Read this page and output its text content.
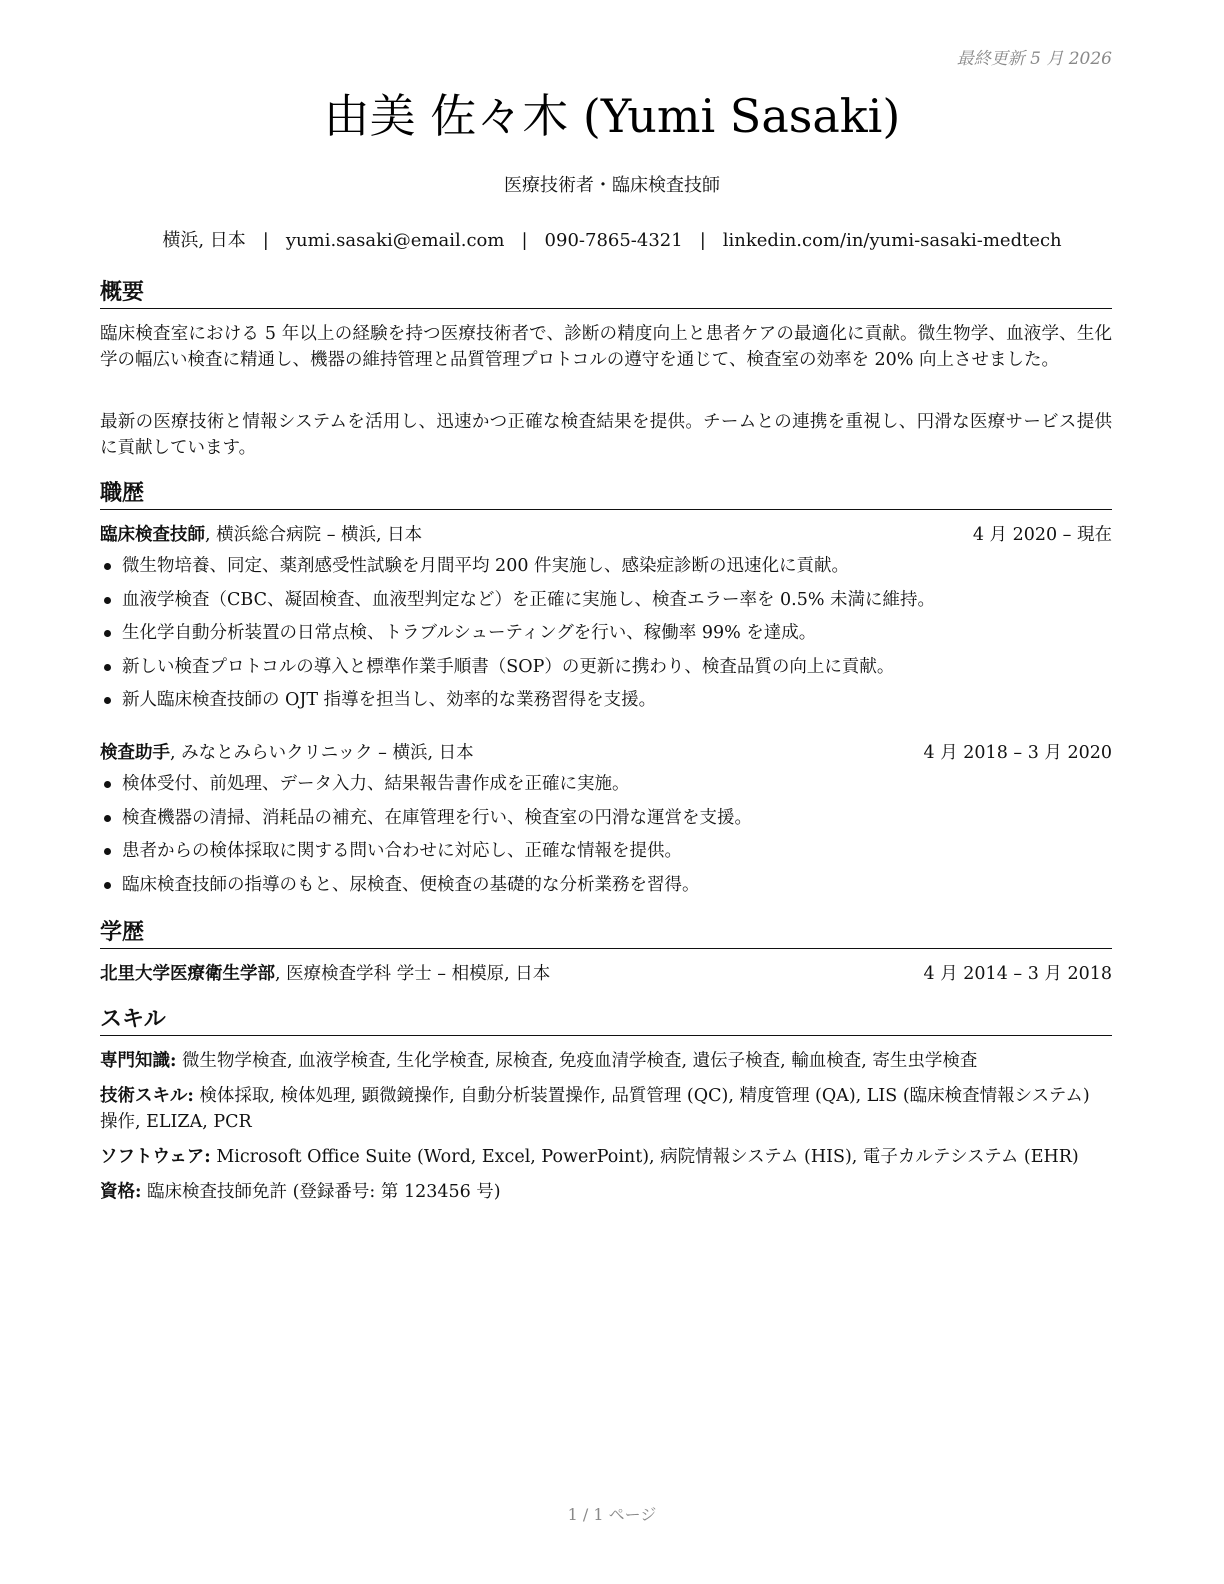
最終更新 5 月 2026
由美 佐々木 (Yumi Sasaki)
医療技術者・臨床検査技師
横浜, 日本 | yumi.sasaki@email.com | 090-7865-4321 | linkedin.com/in/yumi-sasaki-medtech
概要
臨床検査室における 5 年以上の経験を持つ医療技術者で、診断の精度向上と患者ケアの最適化に貢献。微生物学、血液学、生化学の幅広い検査に精通し、機器の維持管理と品質管理プロトコルの遵守を通じて、検査室の効率を 20% 向上させました。
最新の医療技術と情報システムを活用し、迅速かつ正確な検査結果を提供。チームとの連携を重視し、円滑な医療サービス提供に貢献しています。
職歴
臨床検査技師, 横浜総合病院 – 横浜, 日本	4 月 2020 – 現在
微生物培養、同定、薬剤感受性試験を月間平均 200 件実施し、感染症診断の迅速化に貢献。
血液学検査（CBC、凝固検査、血液型判定など）を正確に実施し、検査エラー率を 0.5% 未満に維持。
生化学自動分析装置の日常点検、トラブルシューティングを行い、稼働率 99% を達成。
新しい検査プロトコルの導入と標準作業手順書（SOP）の更新に携わり、検査品質の向上に貢献。
新人臨床検査技師の OJT 指導を担当し、効率的な業務習得を支援。
検査助手, みなとみらいクリニック – 横浜, 日本	4 月 2018 – 3 月 2020
検体受付、前処理、データ入力、結果報告書作成を正確に実施。
検査機器の清掃、消耗品の補充、在庫管理を行い、検査室の円滑な運営を支援。
患者からの検体採取に関する問い合わせに対応し、正確な情報を提供。
臨床検査技師の指導のもと、尿検査、便検査の基礎的な分析業務を習得。
学歴
北里大学医療衛生学部, 医療検査学科 学士 – 相模原, 日本	4 月 2014 – 3 月 2018
スキル
専門知識: 微生物学検査, 血液学検査, 生化学検査, 尿検査, 免疫血清学検査, 遺伝子検査, 輸血検査, 寄生虫学検査
技術スキル: 検体採取, 検体処理, 顕微鏡操作, 自動分析装置操作, 品質管理 (QC), 精度管理 (QA), LIS (臨床検査情報システム) 操作, ELIZA, PCR
ソフトウェア: Microsoft Office Suite (Word, Excel, PowerPoint), 病院情報システム (HIS), 電子カルテシステム (EHR)
資格: 臨床検査技師免許 (登録番号: 第 123456 号)
1 / 1 ページ
